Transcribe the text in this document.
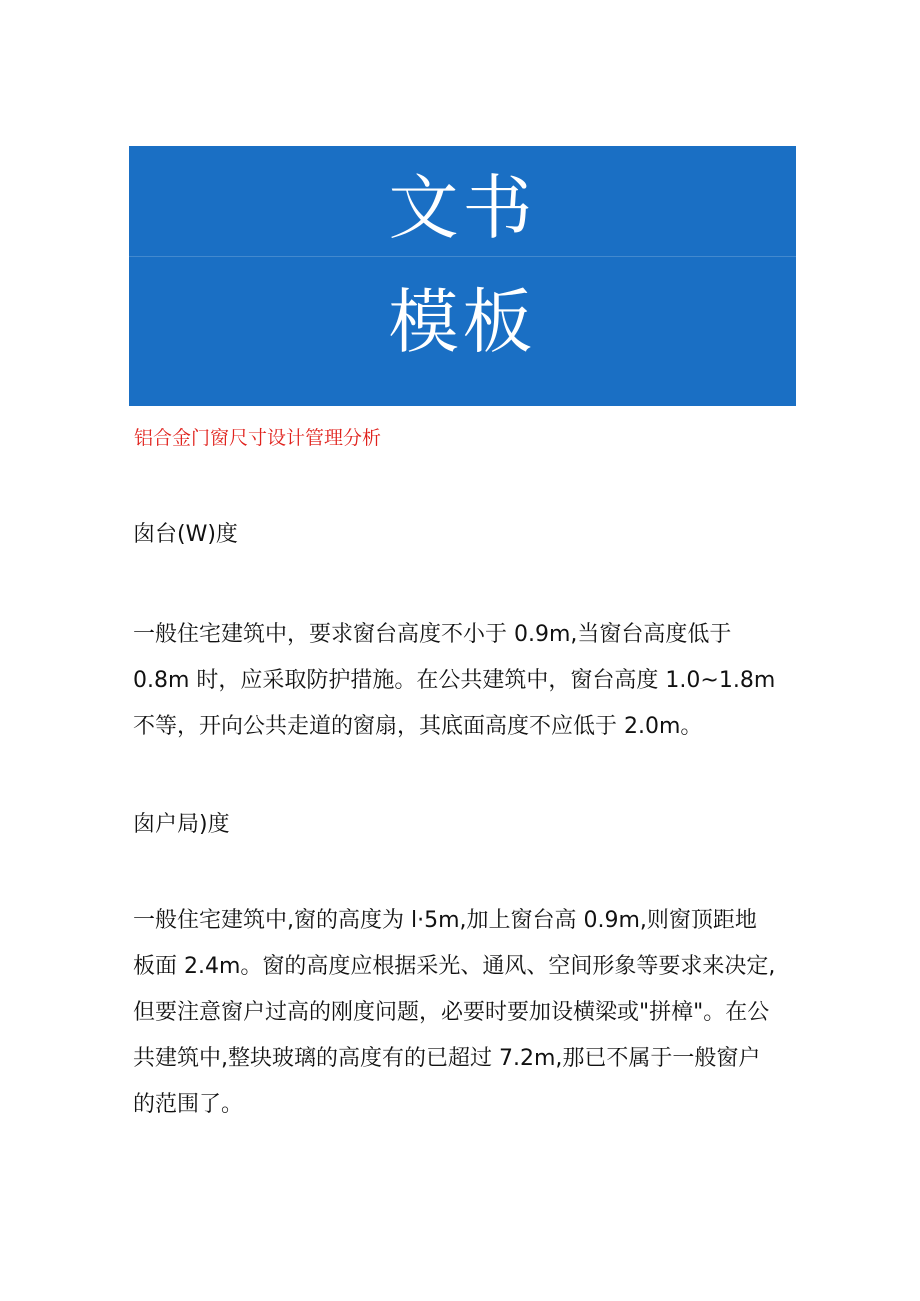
文书
模板
铝合金门窗尺寸设计管理分析
囱台(W)度
一般住宅建筑中，要求窗台高度不小于 0.9m,当窗台高度低于
0.8m 时，应采取防护措施。在公共建筑中，窗台高度 1.0~1.8m
不等，开向公共走道的窗扇，其底面高度不应低于 2.0m。
囱户局)度
一般住宅建筑中,窗的高度为 l·5m,加上窗台高 0.9m,则窗顶距地
板面 2.4m。窗的高度应根据采光、通风、空间形象等要求来决定,
但要注意窗户过高的刚度问题，必要时要加设横梁或"拼樟"。在公
共建筑中,整块玻璃的高度有的已超过 7.2m,那已不属于一般窗户
的范围了。
